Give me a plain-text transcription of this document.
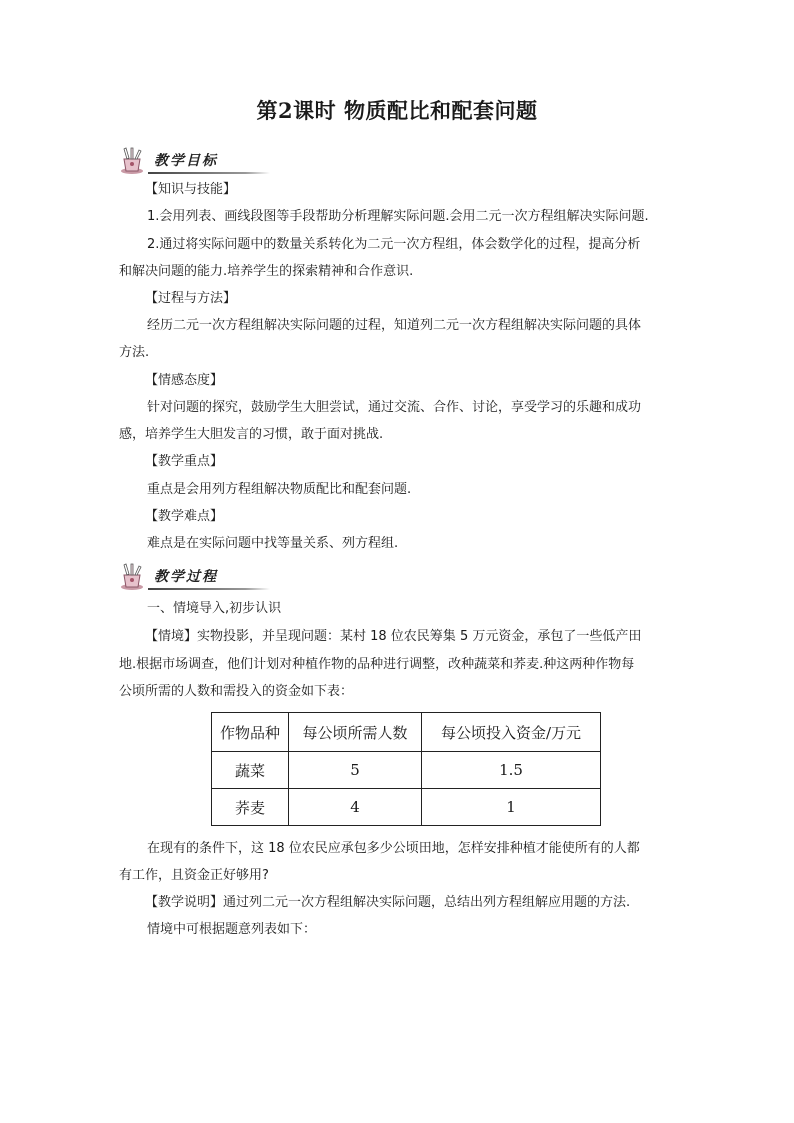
第2课时 物质配比和配套问题
教学目标
【知识与技能】
1.会用列表、画线段图等手段帮助分析理解实际问题.会用二元一次方程组解决实际问题.
2.通过将实际问题中的数量关系转化为二元一次方程组，体会数学化的过程，提高分析
和解决问题的能力.培养学生的探索精神和合作意识.
【过程与方法】
经历二元一次方程组解决实际问题的过程，知道列二元一次方程组解决实际问题的具体
方法.
【情感态度】
针对问题的探究，鼓励学生大胆尝试，通过交流、合作、讨论，享受学习的乐趣和成功
感，培养学生大胆发言的习惯，敢于面对挑战.
【教学重点】
重点是会用列方程组解决物质配比和配套问题.
【教学难点】
难点是在实际问题中找等量关系、列方程组.
教学过程
一、情境导入,初步认识
【情境】实物投影，并呈现问题：某村 18 位农民筹集 5 万元资金，承包了一些低产田
地.根据市场调查，他们计划对种植作物的品种进行调整，改种蔬菜和荞麦.种这两种作物每
公顷所需的人数和需投入的资金如下表：
作物品种	每公顷所需人数	每公顷投入资金/万元
蔬菜	5	1.5
荞麦	4	1
在现有的条件下，这 18 位农民应承包多少公顷田地，怎样安排种植才能使所有的人都
有工作，且资金正好够用?
【教学说明】通过列二元一次方程组解决实际问题，总结出列方程组解应用题的方法.
情境中可根据题意列表如下：
